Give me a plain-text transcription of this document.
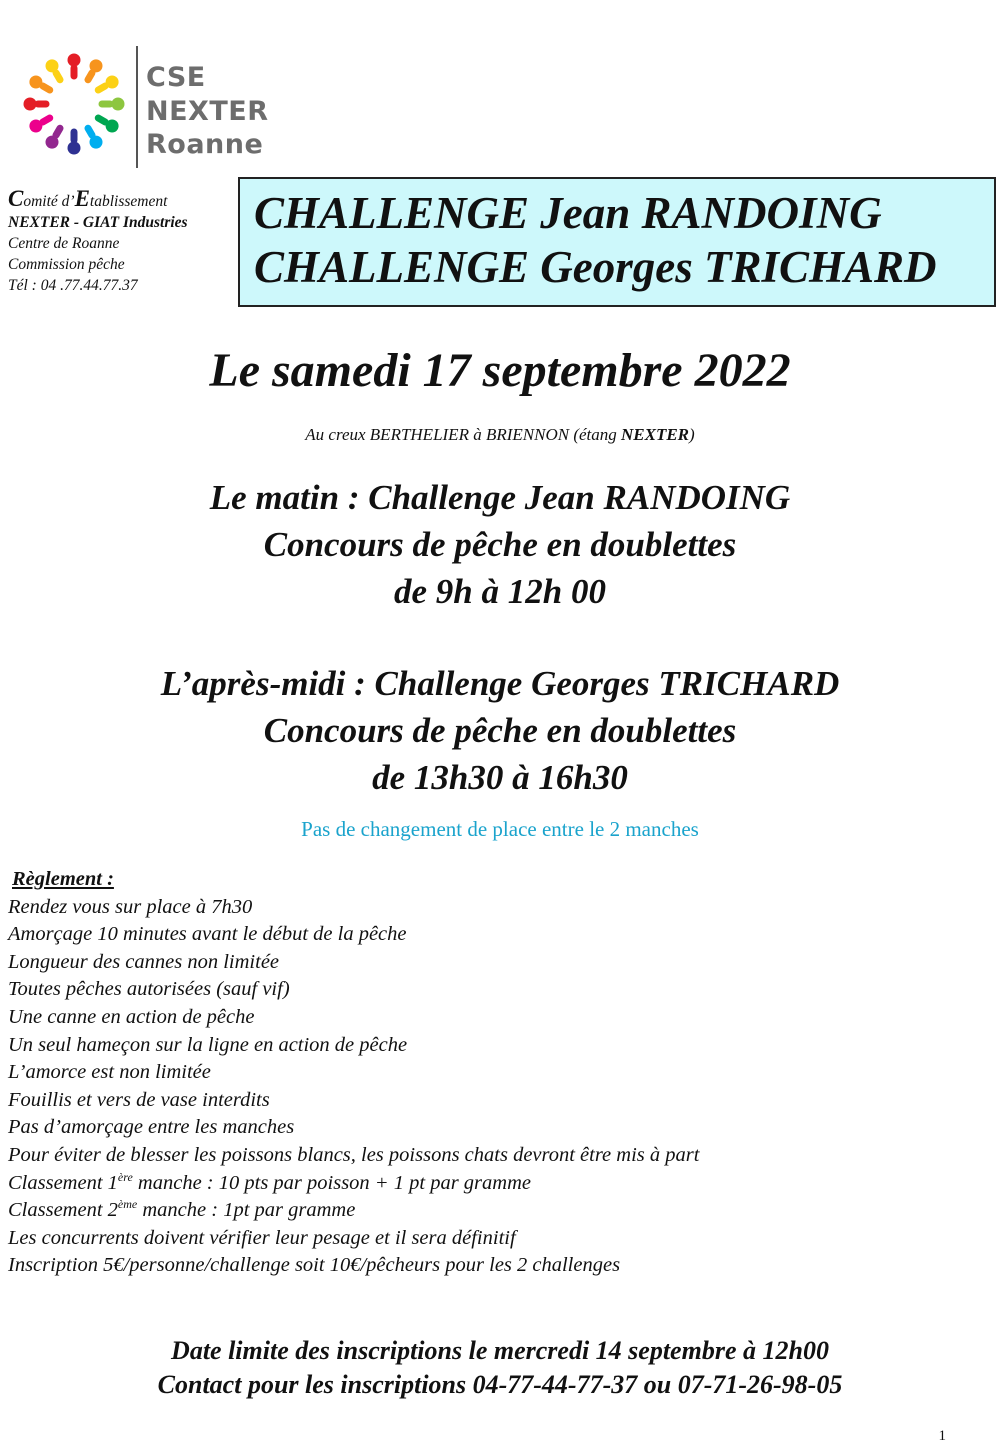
CSE
NEXTER
Roanne
Comité d’Etablissement
NEXTER - GIAT Industries
Centre de Roanne
Commission pêche
Tél : 04 .77.44.77.37
CHALLENGE Jean RANDOING
CHALLENGE Georges TRICHARD
Le samedi 17 septembre 2022
Au creux BERTHELIER à BRIENNON (étang NEXTER)
Le matin : Challenge Jean RANDOING
Concours de pêche en doublettes
de 9h à 12h 00
L’après-midi : Challenge Georges TRICHARD
Concours de pêche en doublettes
de 13h30 à 16h30
Pas de changement de place entre le 2 manches
Règlement :
Rendez vous sur place à 7h30
Amorçage 10 minutes avant le début de la pêche
Longueur des cannes non limitée
Toutes pêches autorisées (sauf vif)
Une canne en action de pêche
Un seul hameçon sur la ligne en action de pêche
L’amorce est non limitée
Fouillis et vers de vase interdits
Pas d’amorçage entre les manches
Pour éviter de blesser les poissons blancs, les poissons chats devront être mis à part
Classement 1ère manche : 10 pts par poisson + 1 pt par gramme
Classement 2ème manche : 1pt par gramme
Les concurrents doivent vérifier leur pesage et il sera définitif
Inscription 5€/personne/challenge soit 10€/pêcheurs pour les 2 challenges
Date limite des inscriptions le mercredi 14 septembre à 12h00
Contact pour les inscriptions 04-77-44-77-37 ou 07-71-26-98-05
1
